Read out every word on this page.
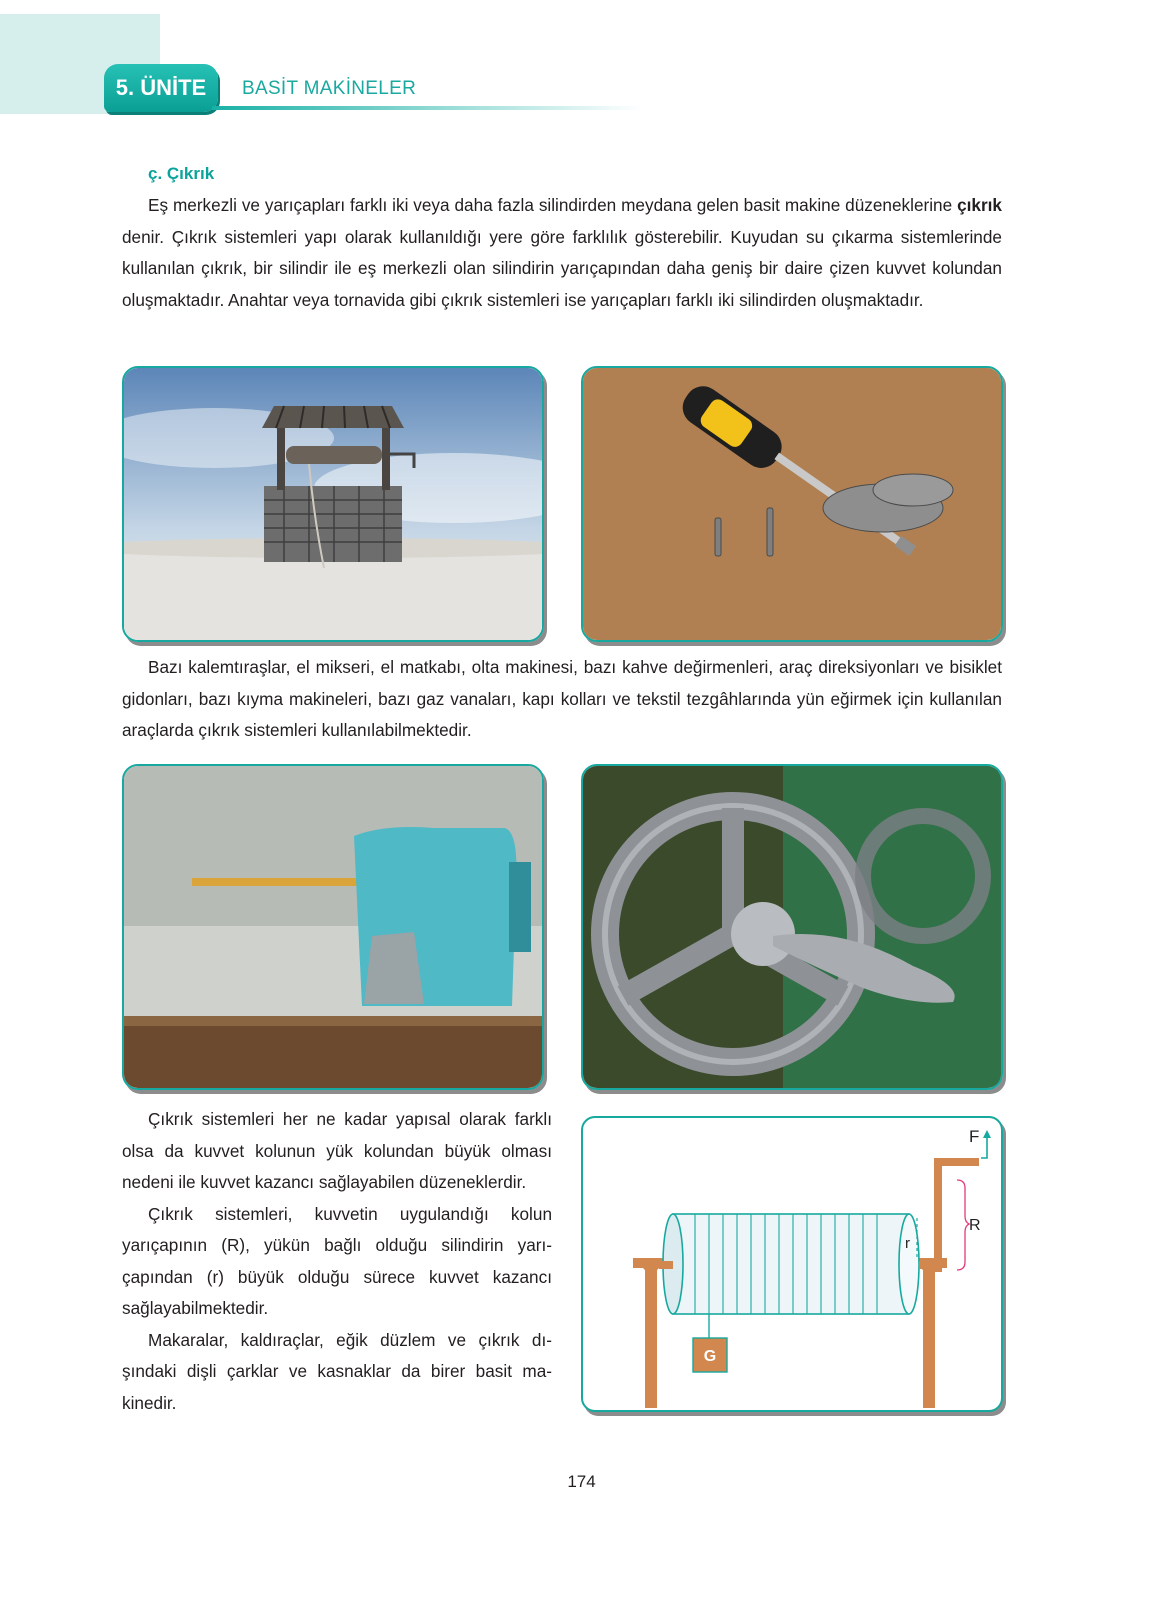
5. ÜNİTE	BASİT MAKİNELER
ç. Çıkrık

Eş merkezli ve yarıçapları farklı iki veya daha fazla silindirden meydana gelen basit makine düzeneklerine çıkrık denir. Çıkrık sistemleri yapı olarak kullanıldığı yere göre farklılık gösterebilir. Kuyudan su çıkarma sistemlerinde kullanılan çıkrık, bir silindir ile eş merkezli olan silindirin yarıçapından daha geniş bir daire çizen kuvvet kolundan oluşmaktadır. Anahtar veya tornavida gibi çıkrık sistemleri ise yarıçapları farklı iki silindirden oluşmaktadır.

Bazı kalemtıraşlar, el mikseri, el matkabı, olta makinesi, bazı kahve değirmenleri, araç direksiyonları ve bisiklet gidonları, bazı kıyma makineleri, bazı gaz vanaları, kapı kolları ve tekstil tezgâhlarında yün eğirmek için kullanılan araçlarda çıkrık sistemleri kullanılabilmektedir.

Çıkrık sistemleri her ne kadar yapısal olarak farklı olsa da kuvvet kolunun yük kolundan büyük olması nedeni ile kuvvet kazancı sağlayabilen düzeneklerdir.
Çıkrık sistemleri, kuvvetin uygulandığı kolun yarıçapının (R), yükün bağlı olduğu silindirin yarıçapından (r) büyük olduğu sürece kuvvet kazancı sağlayabilmektedir.
Makaralar, kaldıraçlar, eğik düzlem ve çıkrık dışındaki dişli çarklar ve kasnaklar da birer basit makinedir.

G
r
R
F
174
